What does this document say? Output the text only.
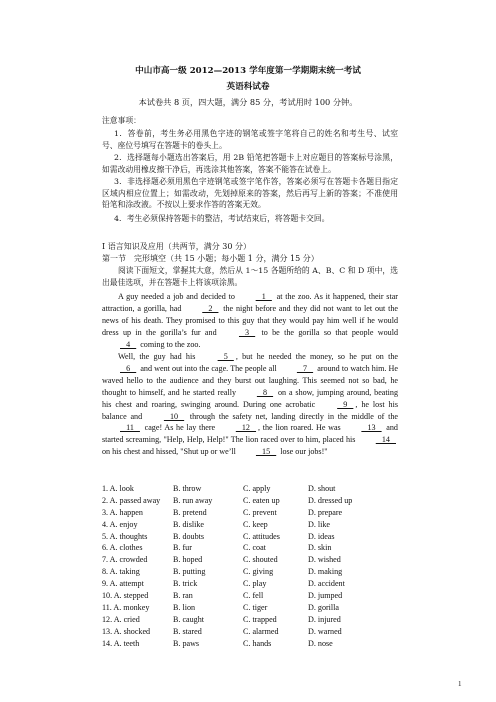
中山市高一级 2012—2013 学年度第一学期期末统一考试
英语科试卷
本试卷共 8 页，四大题，满分 85 分，考试用时 100 分钟。
注意事项：
1．答卷前，考生务必用黑色字迹的钢笔或签字笔将自己的姓名和考生号、试室号、座位号填写在答题卡的卷头上。
2．选择题每小题选出答案后，用 2B 铅笔把答题卡上对应题目的答案标号涂黑，如需改动用橡皮擦干净后，再选涂其他答案，答案不能答在试卷上。
3．非选择题必须用黑色字迹钢笔或签字笔作答，答案必须写在答题卡各题目指定区域内相应位置上；如需改动，先划掉原来的答案，然后再写上新的答案；不准使用铅笔和涂改液。不按以上要求作答的答案无效。
4．考生必须保持答题卡的整洁，考试结束后，将答题卡交回。
I 语言知识及应用（共两节，满分 30 分）
第一节　完形填空（共 15 小题；每小题 1 分，满分 15 分）
阅读下面短文，掌握其大意，然后从 1～15 各题所给的 A、B、C 和 D 项中，选出最佳选项，并在答题卡上将该项涂黑。
A guy needed a job and decided to    1    at the zoo. As it happened, their star attraction, a gorilla, had    2    the night before and they did not want to let out the news of his death. They promised to this guy that they would pay him well if he would dress up in the gorilla’s fur and    3    to be the gorilla so that people would    4    coming to the zoo.
Well, the guy had his    5   , but he needed the money, so he put on the    6    and went out into the cage. The people all    7    around to watch him. He waved hello to the audience and they burst out laughing. This seemed not so bad, he thought to himself, and he started really    8    on a show, jumping around, beating his chest and roaring, swinging around. During one acrobatic    9   , he lost his balance and    10    through the safety net, landing directly in the middle of the    11    cage! As he lay there    12   , the lion roared. He was    13    and started screaming, "Help, Help, Help!" The lion raced over to him, placed his    14    on his chest and hissed, "Shut up or we’ll    15    lose our jobs!"
1. A. look	B. throw	C. apply	D. shout
2. A. passed away	B. run away	C. eaten up	D. dressed up
3. A. happen	B. pretend	C. prevent	D. prepare
4. A. enjoy	B. dislike	C. keep	D. like
5. A. thoughts	B. doubts	C. attitudes	D. ideas
6. A. clothes	B. fur	C. coat	D. skin
7. A. crowded	B. hoped	C. shouted	D. wished
8. A. taking	B. putting	C. giving	D. making
9. A. attempt	B. trick	C. play	D. accident
10. A. stepped	B. ran	C. fell	D. jumped
11. A. monkey	B. lion	C. tiger	D. gorilla
12. A. cried	B. caught	C. trapped	D. injured
13. A. shocked	B. stared	C. alarmed	D. warned
14. A. teeth	B. paws	C. hands	D. nose
1
